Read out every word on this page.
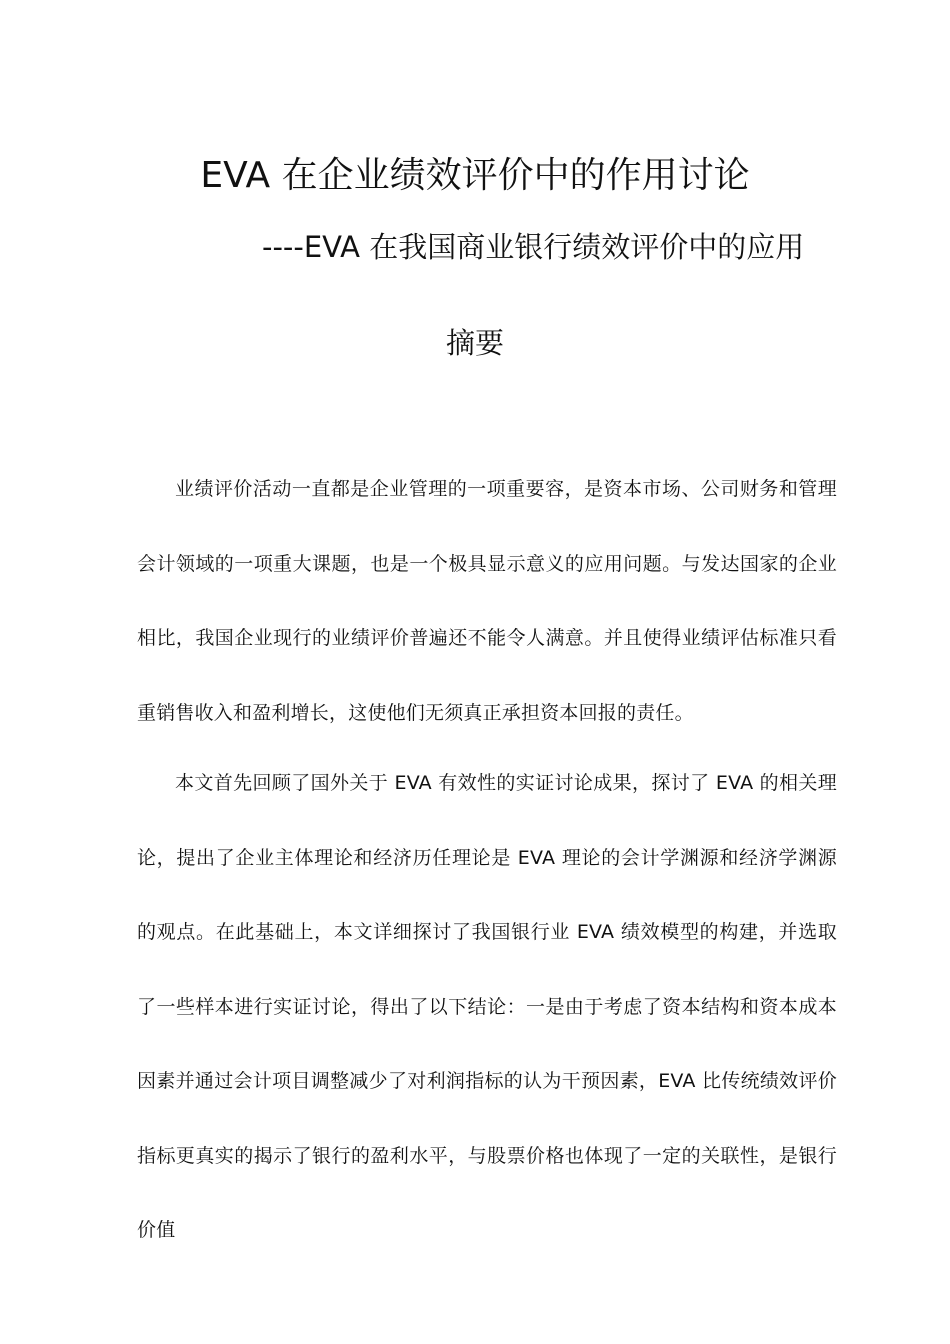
EVA 在企业绩效评价中的作用讨论
----EVA 在我国商业银行绩效评价中的应用
摘要

业绩评价活动一直都是企业管理的一项重要容，是资本市场、公司财务和管理会计领域的一项重大课题，也是一个极具显示意义的应用问题。与发达国家的企业相比，我国企业现行的业绩评价普遍还不能令人满意。并且使得业绩评估标准只看重销售收入和盈利增长，这使他们无须真正承担资本回报的责任。

本文首先回顾了国外关于 EVA 有效性的实证讨论成果，探讨了 EVA 的相关理论，提出了企业主体理论和经济历任理论是 EVA 理论的会计学渊源和经济学渊源的观点。在此基础上，本文详细探讨了我国银行业 EVA 绩效模型的构建，并选取了一些样本进行实证讨论，得出了以下结论：一是由于考虑了资本结构和资本成本因素并通过会计项目调整减少了对利润指标的认为干预因素，EVA 比传统绩效评价指标更真实的揭示了银行的盈利水平，与股票价格也体现了一定的关联性，是银行价值
